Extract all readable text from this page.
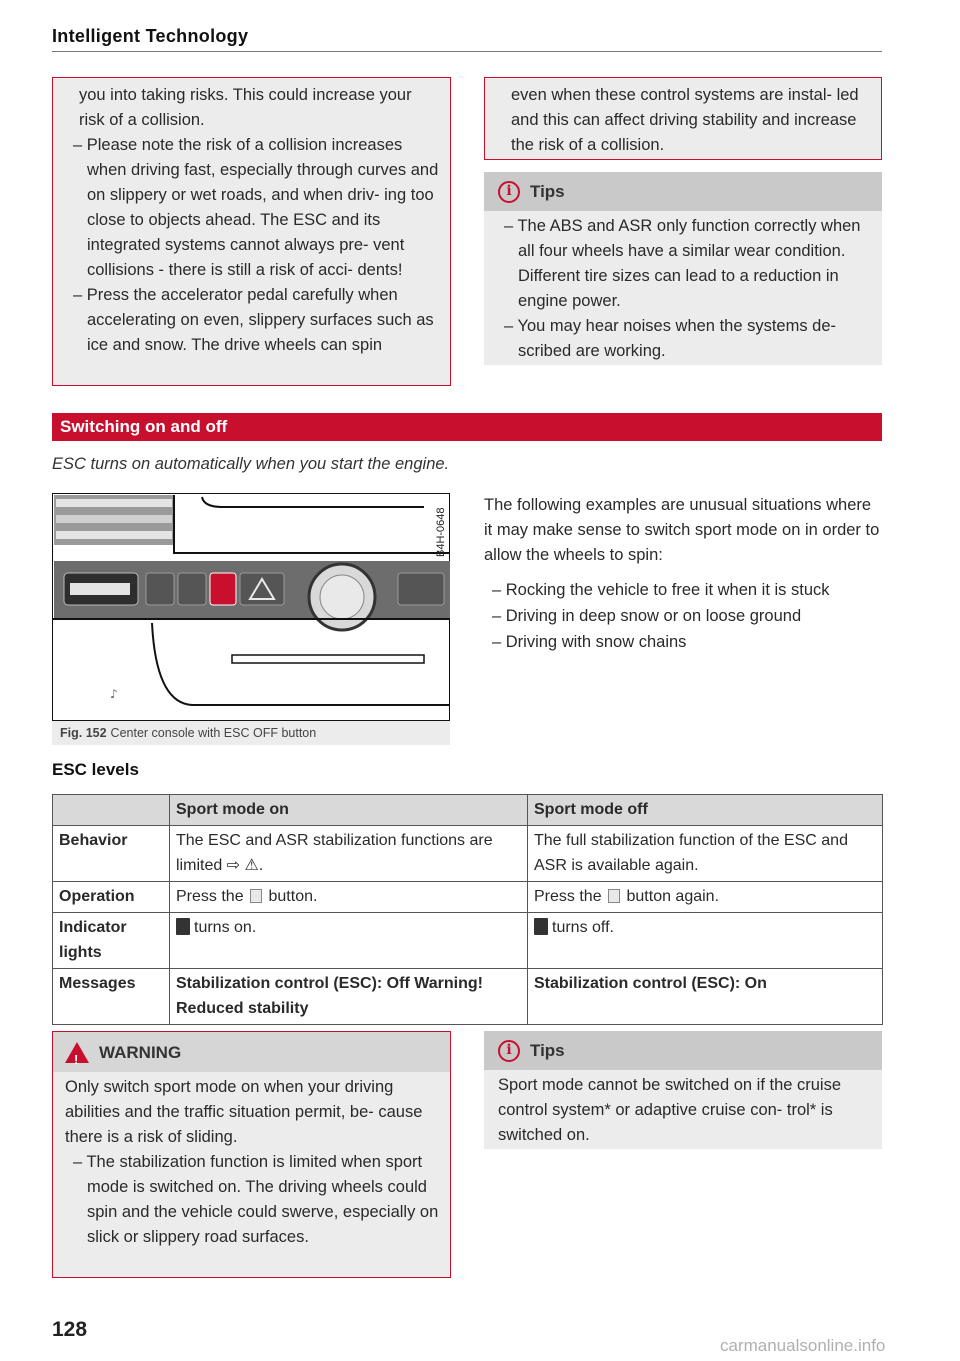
Intelligent Technology

you into taking risks. This could increase your risk of a collision.

– Please note the risk of a collision increases when driving fast, especially through curves and on slippery or wet roads, and when driv- ing too close to objects ahead. The ESC and its integrated systems cannot always pre- vent collisions - there is still a risk of acci- dents!

– Press the accelerator pedal carefully when accelerating on even, slippery surfaces such as ice and snow. The drive wheels can spin

even when these control systems are instal- led and this can affect driving stability and increase the risk of a collision.

i	Tips

– The ABS and ASR only function correctly when all four wheels have a similar wear condition. Different tire sizes can lead to a reduction in engine power.

– You may hear noises when the systems de- scribed are working.

Switching on and off
ESC turns on automatically when you start the engine.
♪
B4H-0648
Fig. 152 Center console with ESC OFF button

The following examples are unusual situations where it may make sense to switch sport mode on in order to allow the wheels to spin:

– Rocking the vehicle to free it when it is stuck

– Driving in deep snow or on loose ground

– Driving with snow chains

ESC levels
	Sport mode on	Sport mode off
Behavior	The ESC and ASR stabilization functions are limited ⇨ ⚠.	The full stabilization function of the ESC and ASR is available again.
Operation	Press the button.	Press the button again.
Indicator lights	turns on.	turns off.
Messages	Stabilization control (ESC): Off Warning! Reduced stability	Stabilization control (ESC): On
!
WARNING

Only switch sport mode on when your driving abilities and the traffic situation permit, be- cause there is a risk of sliding.

– The stabilization function is limited when sport mode is switched on. The driving wheels could spin and the vehicle could swerve, especially on slick or slippery road surfaces.

i	Tips

Sport mode cannot be switched on if the cruise control system* or adaptive cruise con- trol* is switched on.

128
carmanualsonline.info
